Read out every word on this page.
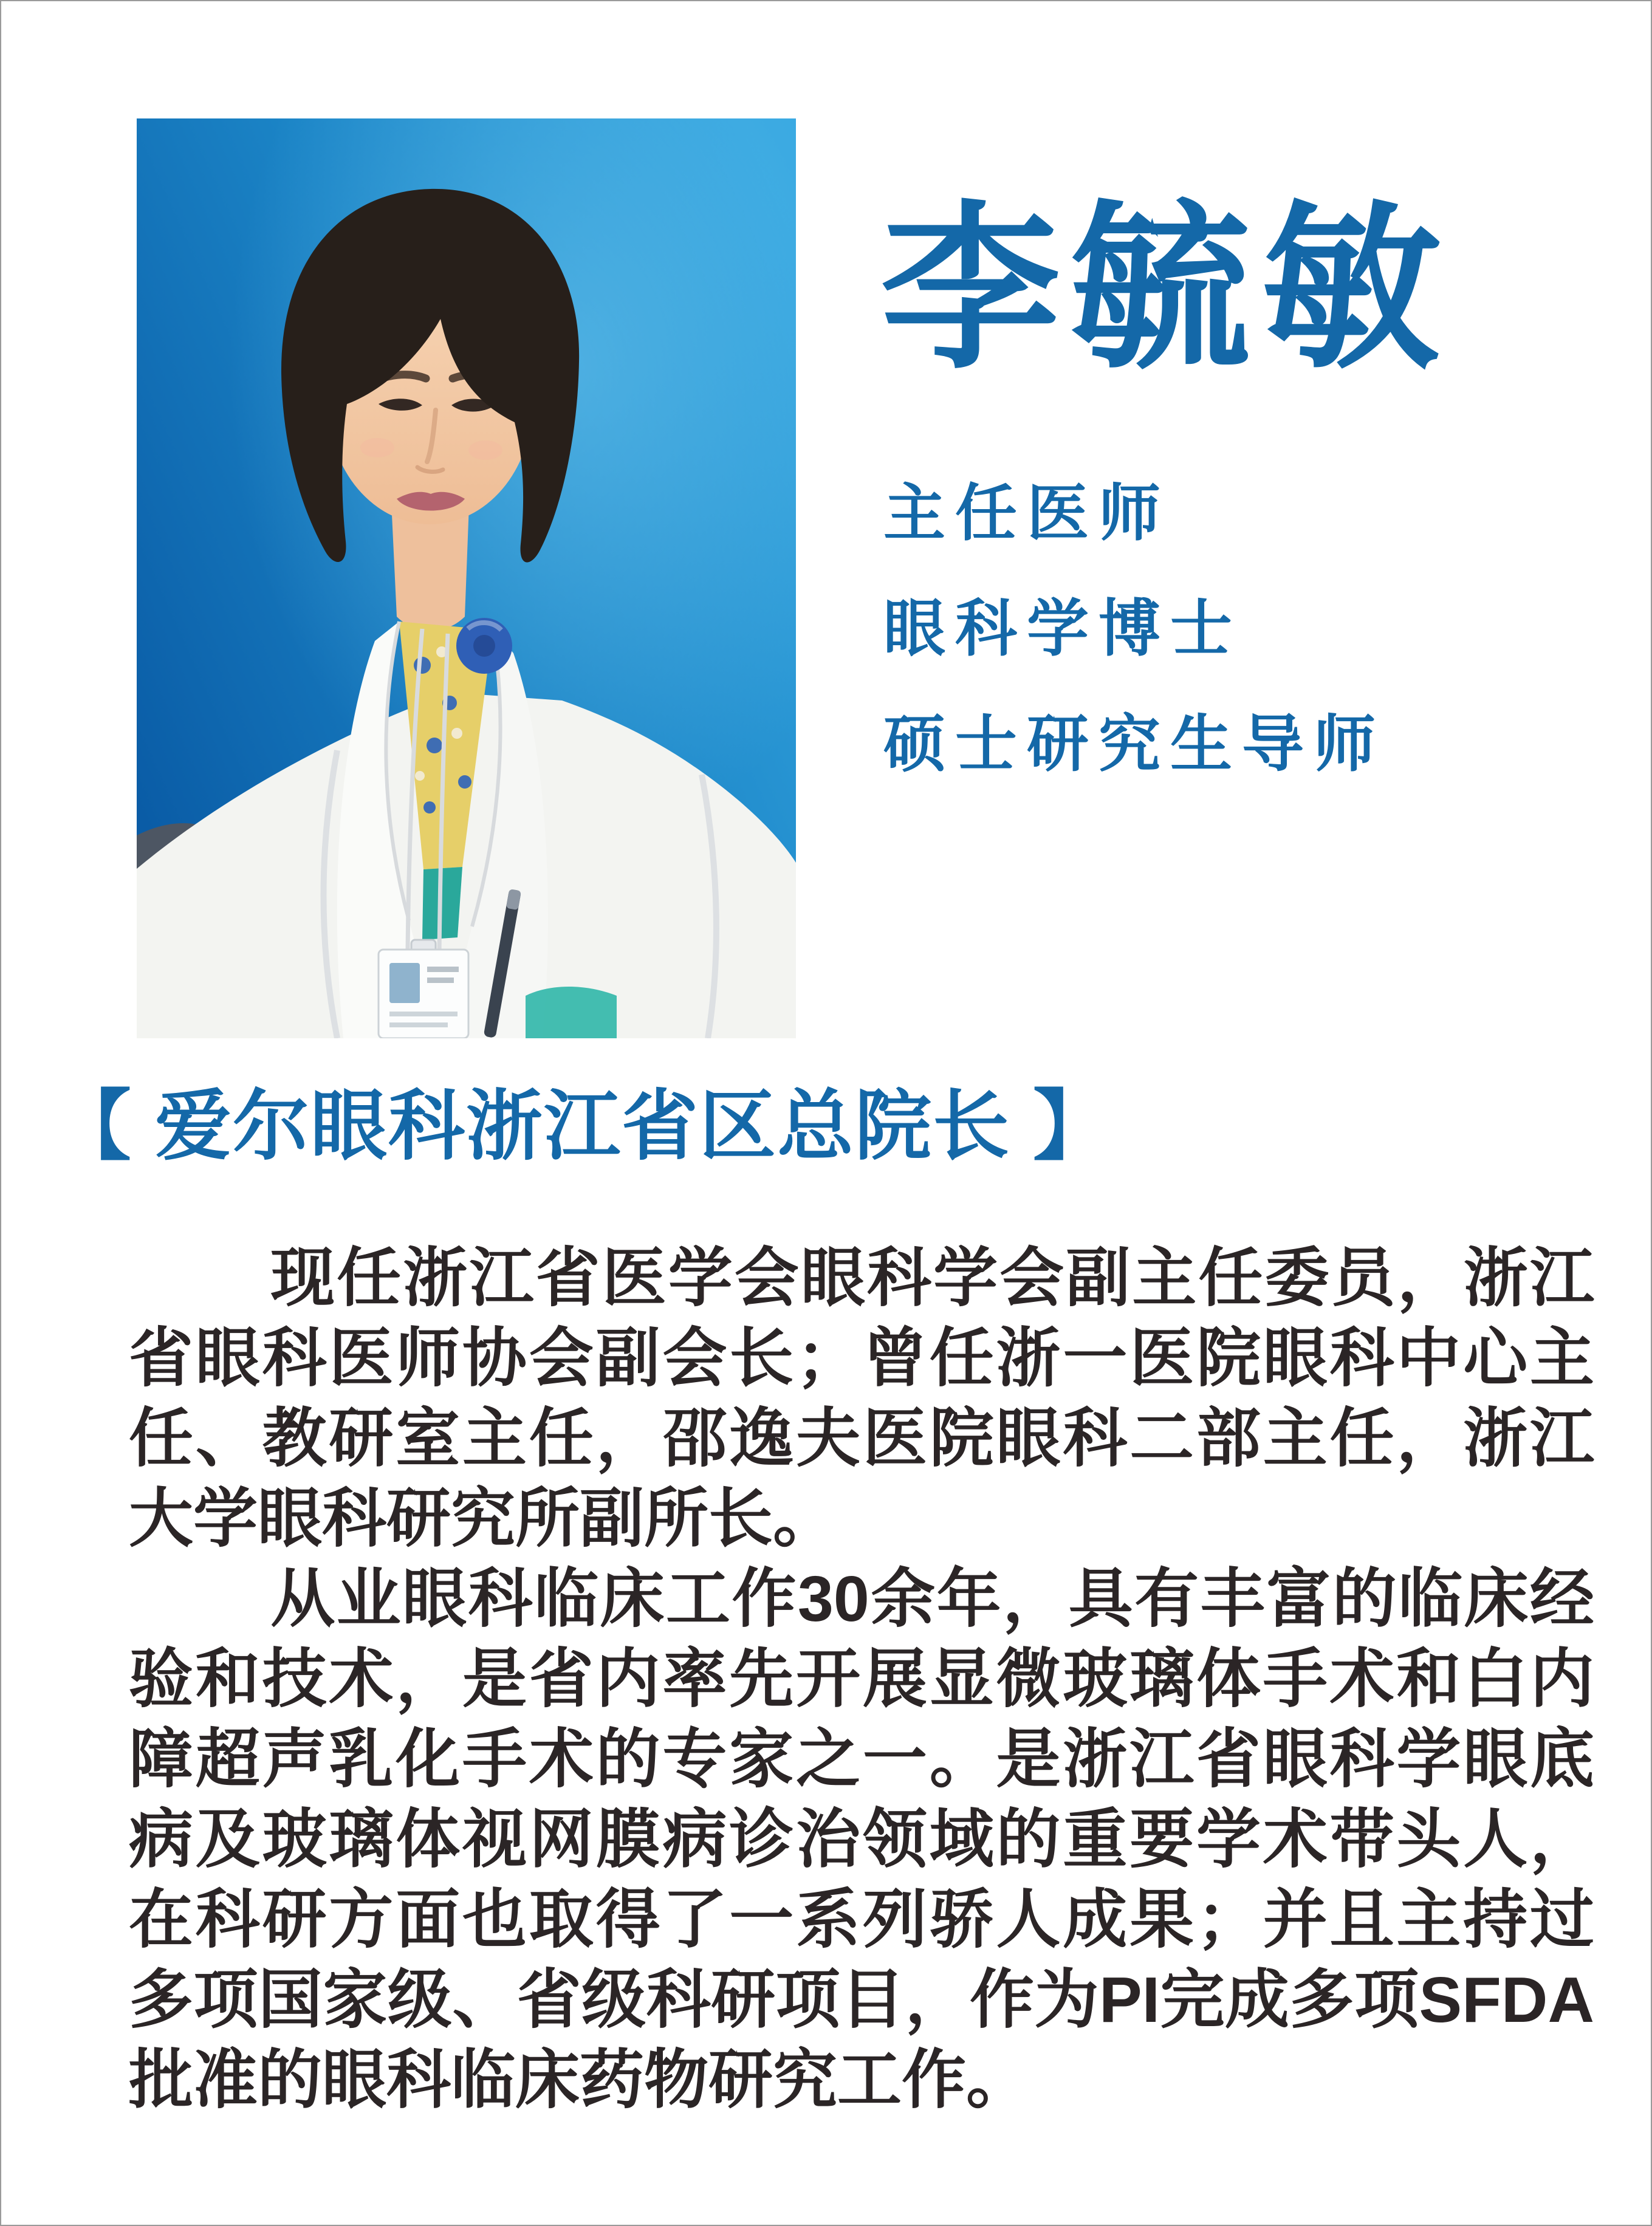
李毓敏
主任医师
眼科学博士
硕士研究生导师
【 爱尔眼科浙江省区总院长 】

现任浙江省医学会眼科学会副主任委员，浙江省眼科医师协会副会长；曾任浙一医院眼科中心主任、教研室主任，邵逸夫医院眼科二部主任，浙江大学眼科研究所副所长。

从业眼科临床工作30余年，具有丰富的临床经验和技术，是省内率先开展显微玻璃体手术和白内障超声乳化手术的专家之一。是浙江省眼科学眼底病及玻璃体视网膜病诊治领域的重要学术带头人，在科研方面也取得了一系列骄人成果；并且主持过多项国家级、省级科研项目，作为PI完成多项SFDA批准的眼科临床药物研究工作。
